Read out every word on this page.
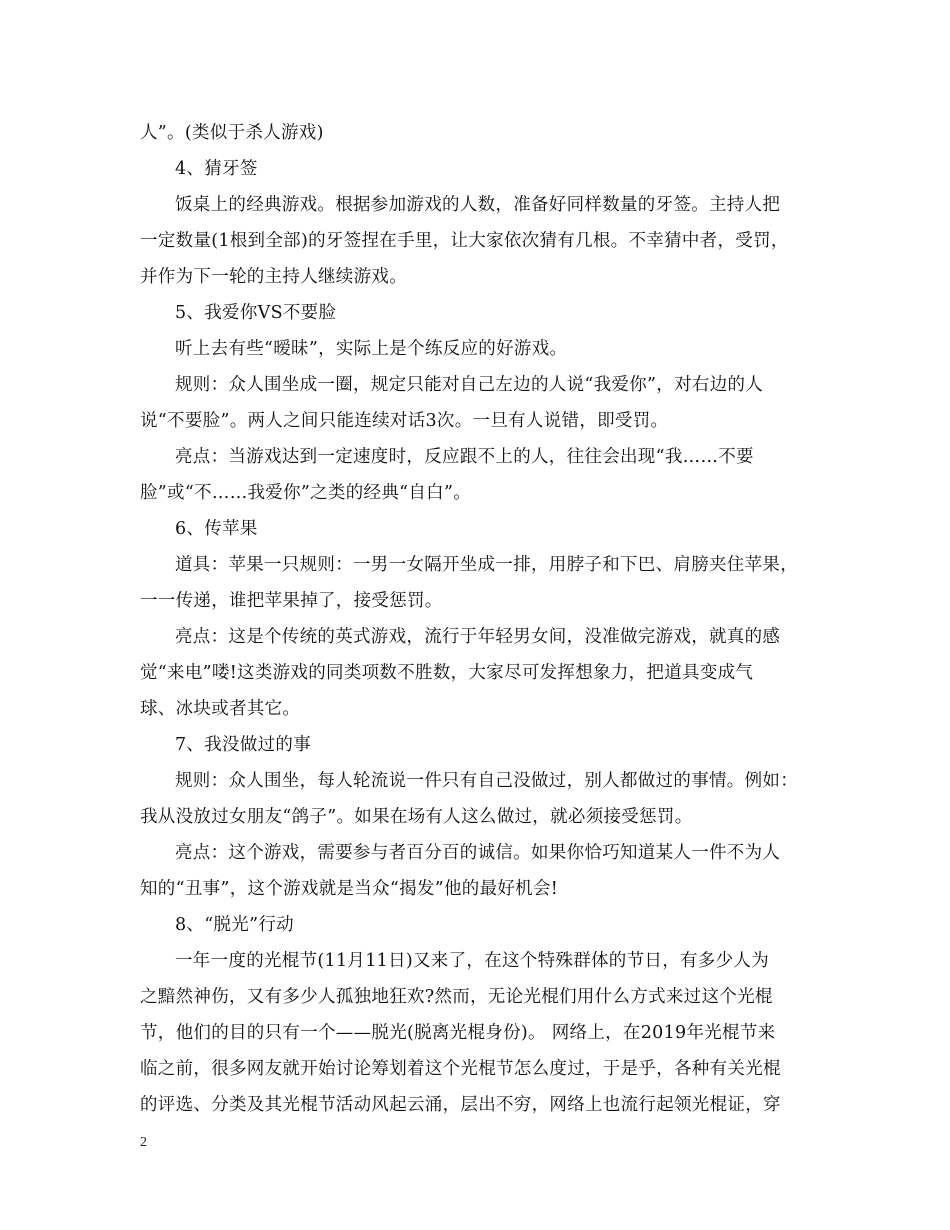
人”。(类似于杀人游戏)
4、猜牙签
饭桌上的经典游戏。根据参加游戏的人数，准备好同样数量的牙签。主持人把
一定数量(1根到全部)的牙签捏在手里，让大家依次猜有几根。不幸猜中者，受罚，
并作为下一轮的主持人继续游戏。
5、我爱你VS不要脸
听上去有些“暧昧”，实际上是个练反应的好游戏。
规则：众人围坐成一圈，规定只能对自己左边的人说“我爱你”，对右边的人
说“不要脸”。两人之间只能连续对话3次。一旦有人说错，即受罚。
亮点：当游戏达到一定速度时，反应跟不上的人，往往会出现“我……不要
脸”或“不……我爱你”之类的经典“自白”。
6、传苹果
道具：苹果一只规则：一男一女隔开坐成一排，用脖子和下巴、肩膀夹住苹果，
一一传递，谁把苹果掉了，接受惩罚。
亮点：这是个传统的英式游戏，流行于年轻男女间，没准做完游戏，就真的感
觉“来电”喽!这类游戏的同类项数不胜数，大家尽可发挥想象力，把道具变成气
球、冰块或者其它。
7、我没做过的事
规则：众人围坐，每人轮流说一件只有自己没做过，别人都做过的事情。例如：
我从没放过女朋友“鸽子”。如果在场有人这么做过，就必须接受惩罚。
亮点：这个游戏，需要参与者百分百的诚信。如果你恰巧知道某人一件不为人
知的“丑事”，这个游戏就是当众“揭发”他的最好机会!
8、“脱光”行动
一年一度的光棍节(11月11日)又来了，在这个特殊群体的节日，有多少人为
之黯然神伤，又有多少人孤独地狂欢?然而，无论光棍们用什么方式来过这个光棍
节，他们的目的只有一个——脱光(脱离光棍身份)。 网络上，在2019年光棍节来
临之前，很多网友就开始讨论筹划着这个光棍节怎么度过，于是乎，各种有关光棍
的评选、分类及其光棍节活动风起云涌，层出不穷，网络上也流行起领光棍证，穿
2
